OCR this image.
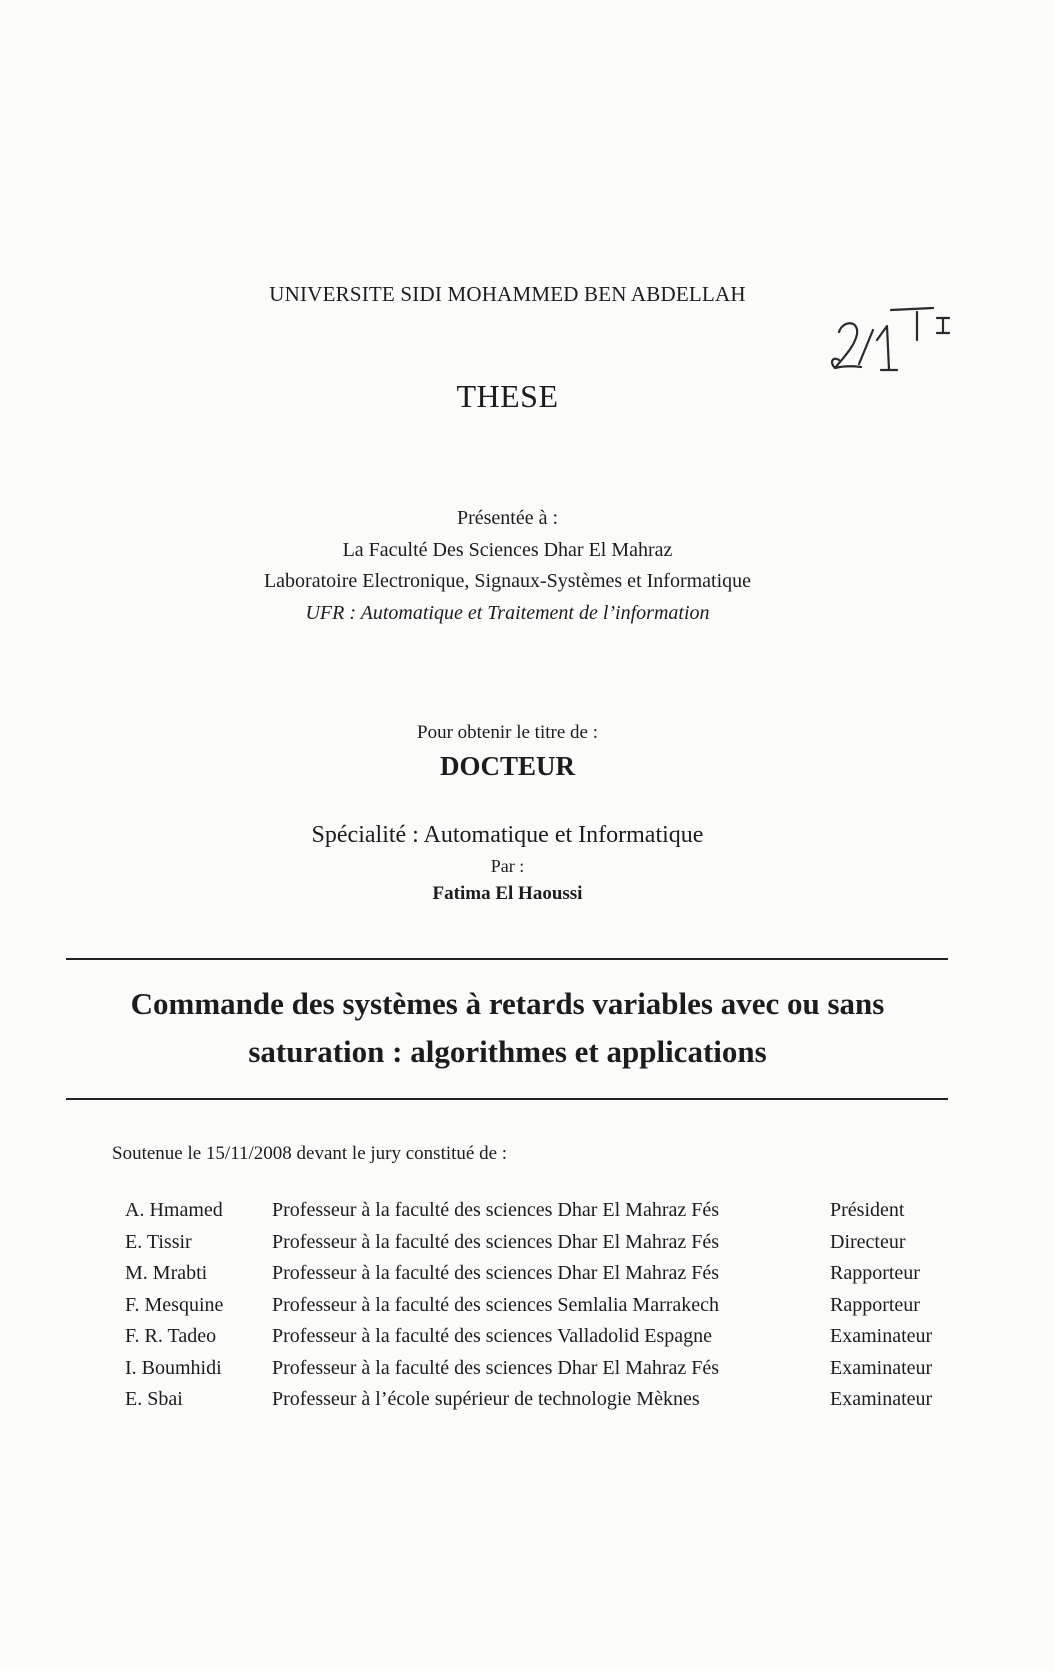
UNIVERSITE SIDI MOHAMMED BEN ABDELLAH
THESE
Présentée à :
La Faculté Des Sciences Dhar El Mahraz
Laboratoire Electronique, Signaux-Systèmes et Informatique
UFR : Automatique et Traitement de l’information
Pour obtenir le titre de :
DOCTEUR
Spécialité : Automatique et Informatique
Par :
Fatima El Haoussi
Commande des systèmes à retards variables avec ou sans
saturation : algorithmes et applications
Soutenue le 15/11/2008 devant le jury constitué de :
A. Hmamed	Professeur à la faculté des sciences Dhar El Mahraz Fés	Président
E. Tissir	Professeur à la faculté des sciences Dhar El Mahraz Fés	Directeur
M. Mrabti	Professeur à la faculté des sciences Dhar El Mahraz Fés	Rapporteur
F. Mesquine	Professeur à la faculté des sciences Semlalia Marrakech	Rapporteur
F. R. Tadeo	Professeur à la faculté des sciences Valladolid Espagne	Examinateur
I. Boumhidi	Professeur à la faculté des sciences Dhar El Mahraz Fés	Examinateur
E. Sbai	Professeur à l’école supérieur de technologie Mèknes	Examinateur
